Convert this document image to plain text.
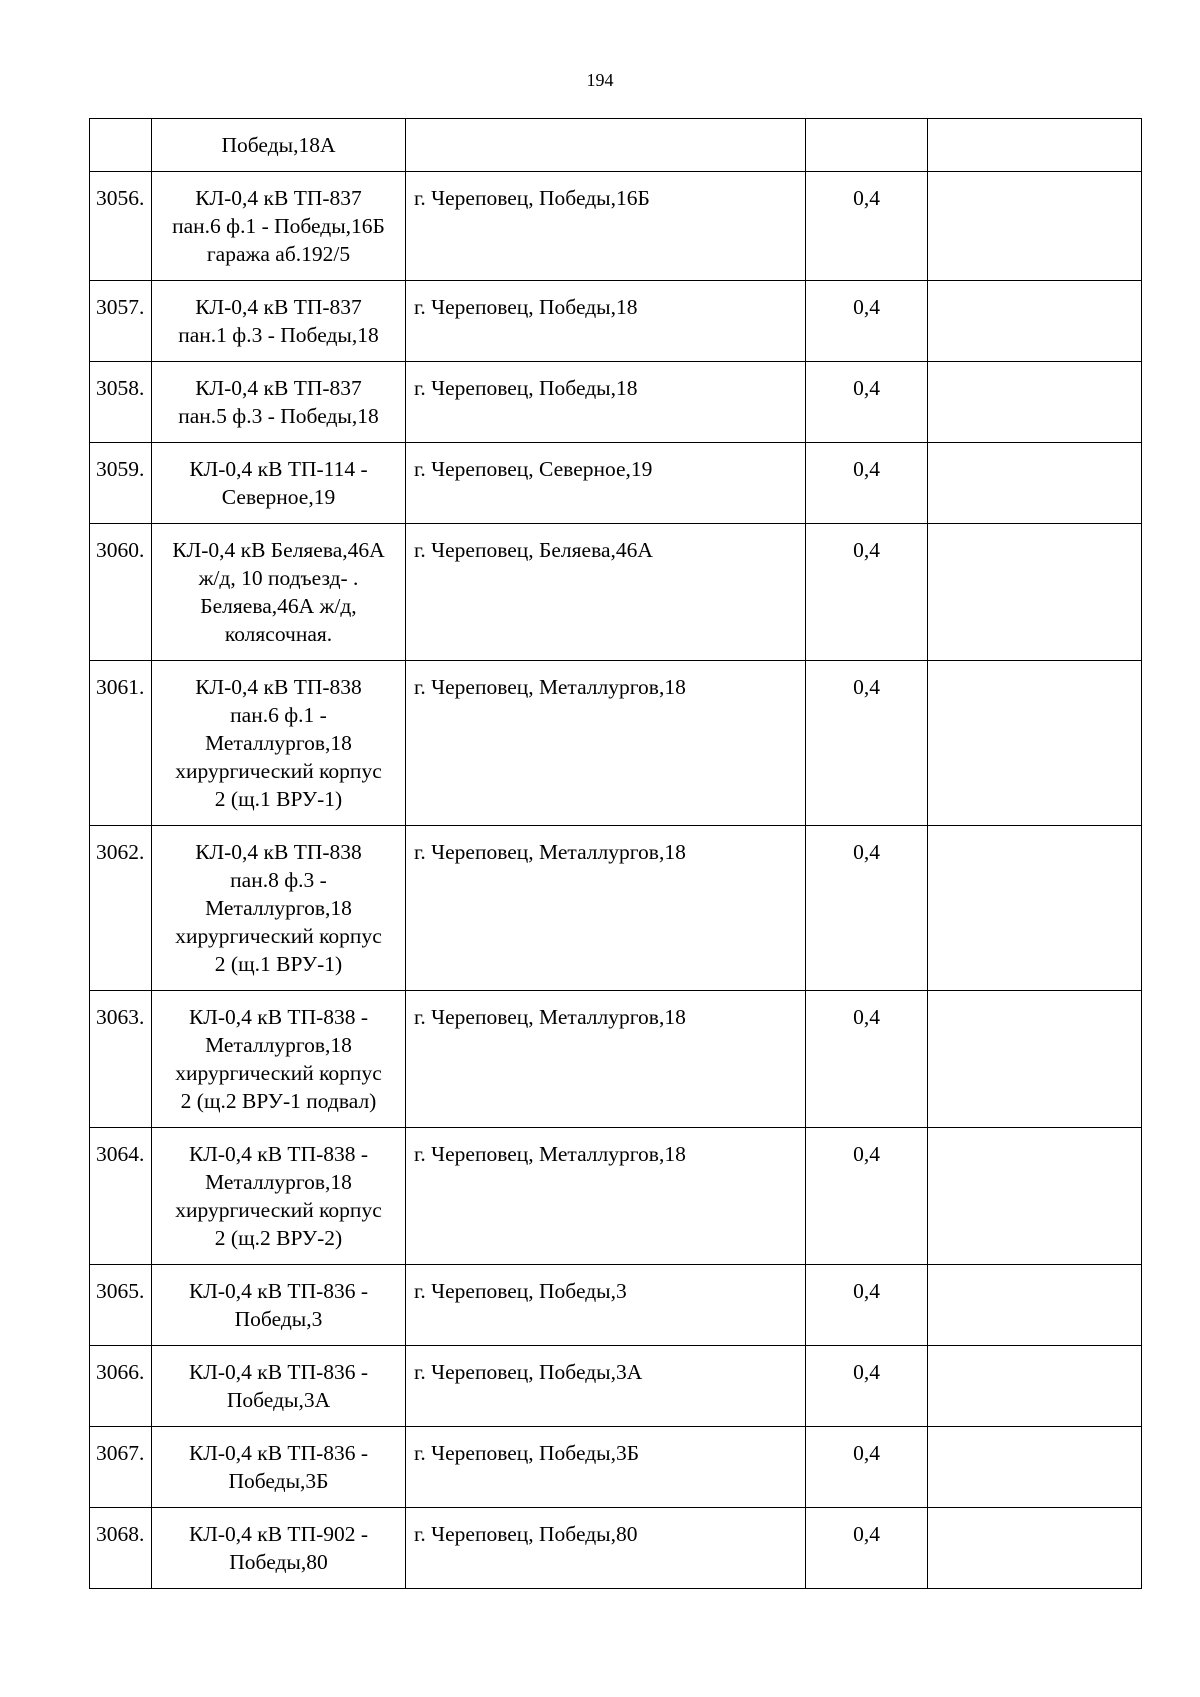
194

	Победы,18А			

3056.	КЛ-0,4 кВ ТП-837
пан.6 ф.1 - Победы,16Б
гаража аб.192/5	г. Череповец, Победы,16Б	0,4	
3057.	КЛ-0,4 кВ ТП-837
пан.1 ф.3 - Победы,18	г. Череповец, Победы,18	0,4	
3058.	КЛ-0,4 кВ ТП-837
пан.5 ф.3 - Победы,18	г. Череповец, Победы,18	0,4	
3059.	КЛ-0,4 кВ ТП-114 -
Северное,19	г. Череповец, Северное,19	0,4	
3060.	КЛ-0,4 кВ Беляева,46А
ж/д, 10 подъезд- .
Беляева,46А ж/д,
колясочная.	г. Череповец, Беляева,46А	0,4	
3061.	КЛ-0,4 кВ ТП-838
пан.6 ф.1 -
Металлургов,18
хирургический корпус
2 (щ.1 ВРУ-1)	г. Череповец, Металлургов,18	0,4	
3062.	КЛ-0,4 кВ ТП-838
пан.8 ф.3 -
Металлургов,18
хирургический корпус
2 (щ.1 ВРУ-1)	г. Череповец, Металлургов,18	0,4	
3063.	КЛ-0,4 кВ ТП-838 -
Металлургов,18
хирургический корпус
2 (щ.2 ВРУ-1 подвал)	г. Череповец, Металлургов,18	0,4	
3064.	КЛ-0,4 кВ ТП-838 -
Металлургов,18
хирургический корпус
2 (щ.2 ВРУ-2)	г. Череповец, Металлургов,18	0,4	
3065.	КЛ-0,4 кВ ТП-836 -
Победы,3	г. Череповец, Победы,3	0,4	
3066.	КЛ-0,4 кВ ТП-836 -
Победы,3А	г. Череповец, Победы,3А	0,4	
3067.	КЛ-0,4 кВ ТП-836 -
Победы,3Б	г. Череповец, Победы,3Б	0,4	
3068.	КЛ-0,4 кВ ТП-902 -
Победы,80	г. Череповец, Победы,80	0,4	
